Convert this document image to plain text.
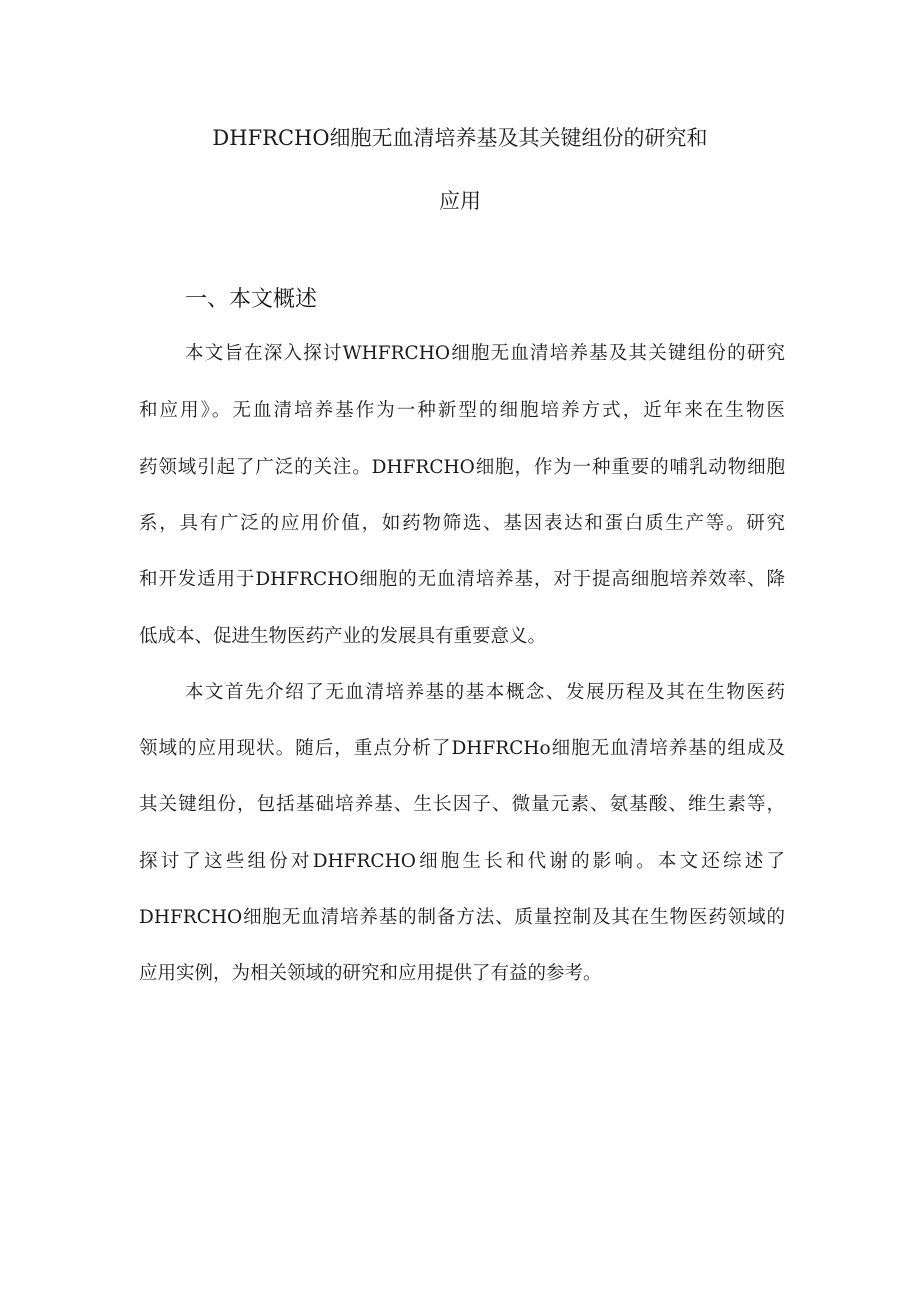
DHFRCHO细胞无血清培养基及其关键组份的研究和
应用
一、本文概述
本文旨在深入探讨WHFRCHO细胞无血清培养基及其关键组份的研究
和应用》。无血清培养基作为一种新型的细胞培养方式，近年来在生物医
药领域引起了广泛的关注。DHFRCHO细胞，作为一种重要的哺乳动物细胞
系，具有广泛的应用价值，如药物筛选、基因表达和蛋白质生产等。研究
和开发适用于DHFRCHO细胞的无血清培养基，对于提高细胞培养效率、降
低成本、促进生物医药产业的发展具有重要意义。
本文首先介绍了无血清培养基的基本概念、发展历程及其在生物医药
领域的应用现状。随后，重点分析了DHFRCHo细胞无血清培养基的组成及
其关键组份，包括基础培养基、生长因子、微量元素、氨基酸、维生素等，
探讨了这些组份对DHFRCHO细胞生长和代谢的影响。本文还综述了
DHFRCHO细胞无血清培养基的制备方法、质量控制及其在生物医药领域的
应用实例，为相关领域的研究和应用提供了有益的参考。
